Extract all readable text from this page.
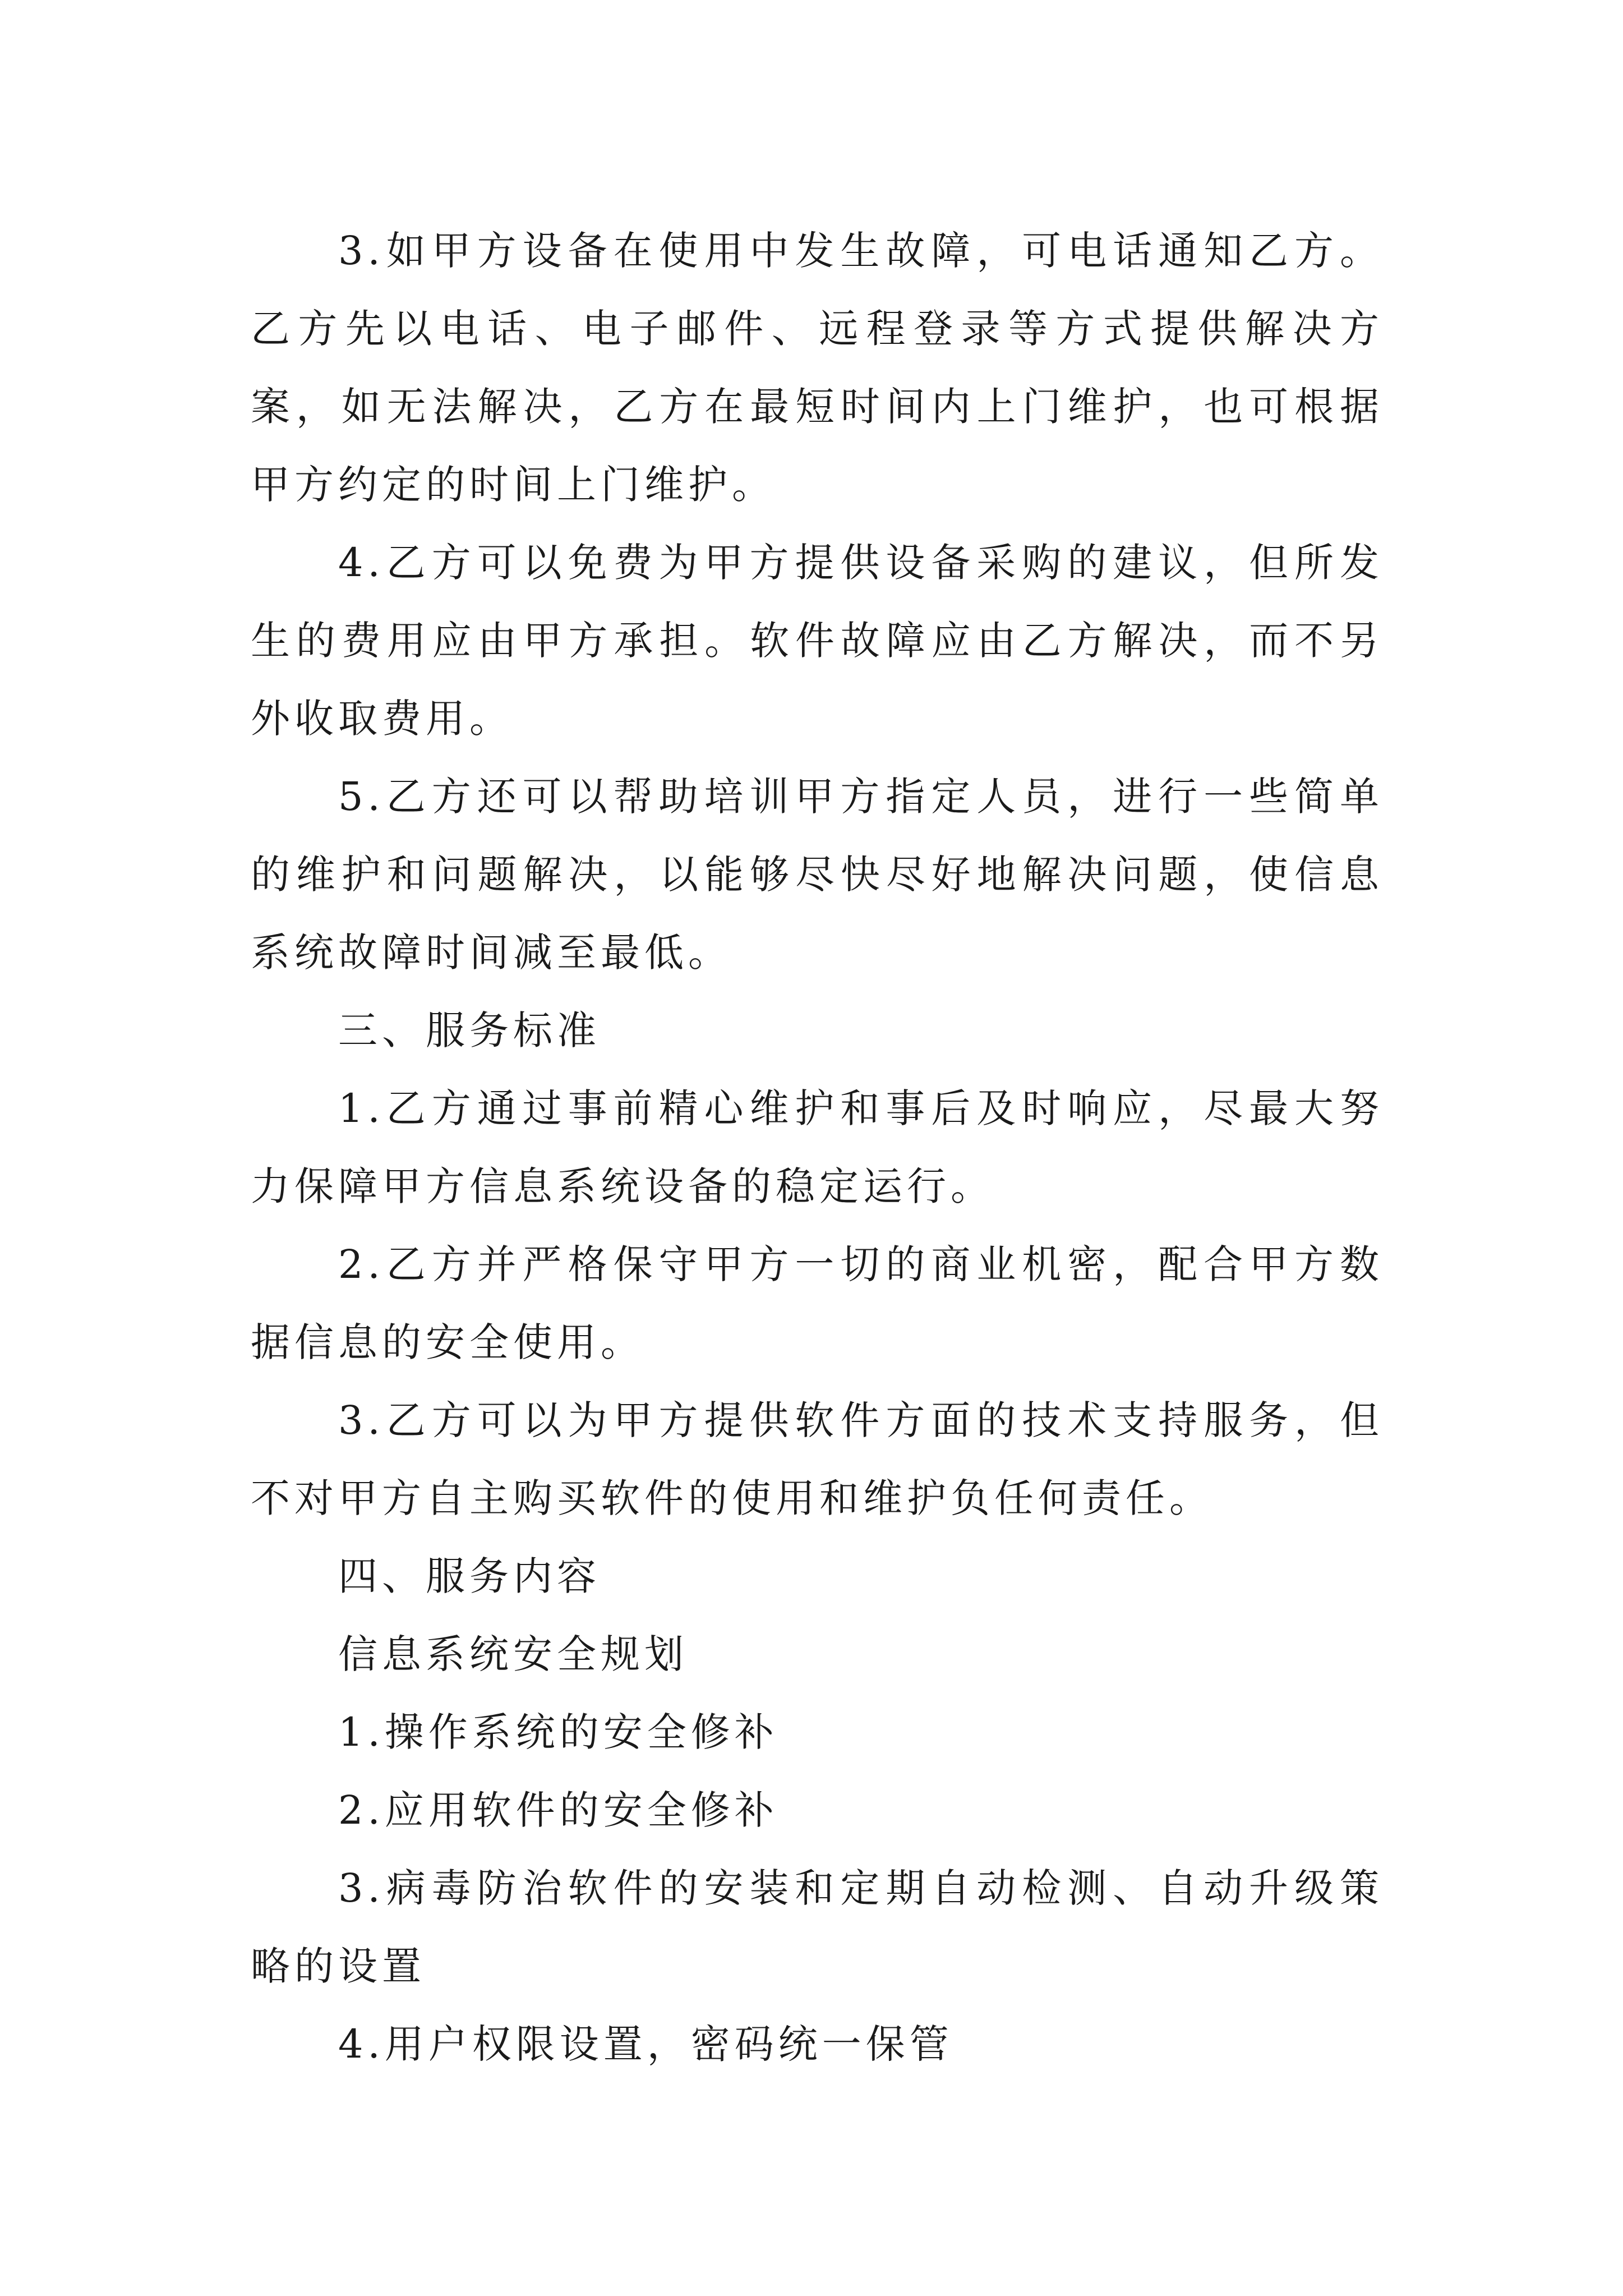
3.如甲方设备在使用中发生故障，可电话通知乙方。乙方先以电话、电子邮件、远程登录等方式提供解决方案，如无法解决，乙方在最短时间内上门维护，也可根据甲方约定的时间上门维护。

4.乙方可以免费为甲方提供设备采购的建议，但所发生的费用应由甲方承担。软件故障应由乙方解决，而不另外收取费用。

5.乙方还可以帮助培训甲方指定人员，进行一些简单的维护和问题解决，以能够尽快尽好地解决问题，使信息系统故障时间减至最低。

三、服务标准

1.乙方通过事前精心维护和事后及时响应，尽最大努力保障甲方信息系统设备的稳定运行。

2.乙方并严格保守甲方一切的商业机密，配合甲方数据信息的安全使用。

3.乙方可以为甲方提供软件方面的技术支持服务，但不对甲方自主购买软件的使用和维护负任何责任。

四、服务内容

信息系统安全规划

1.操作系统的安全修补

2.应用软件的安全修补

3.病毒防治软件的安装和定期自动检测、自动升级策略的设置

4.用户权限设置，密码统一保管
